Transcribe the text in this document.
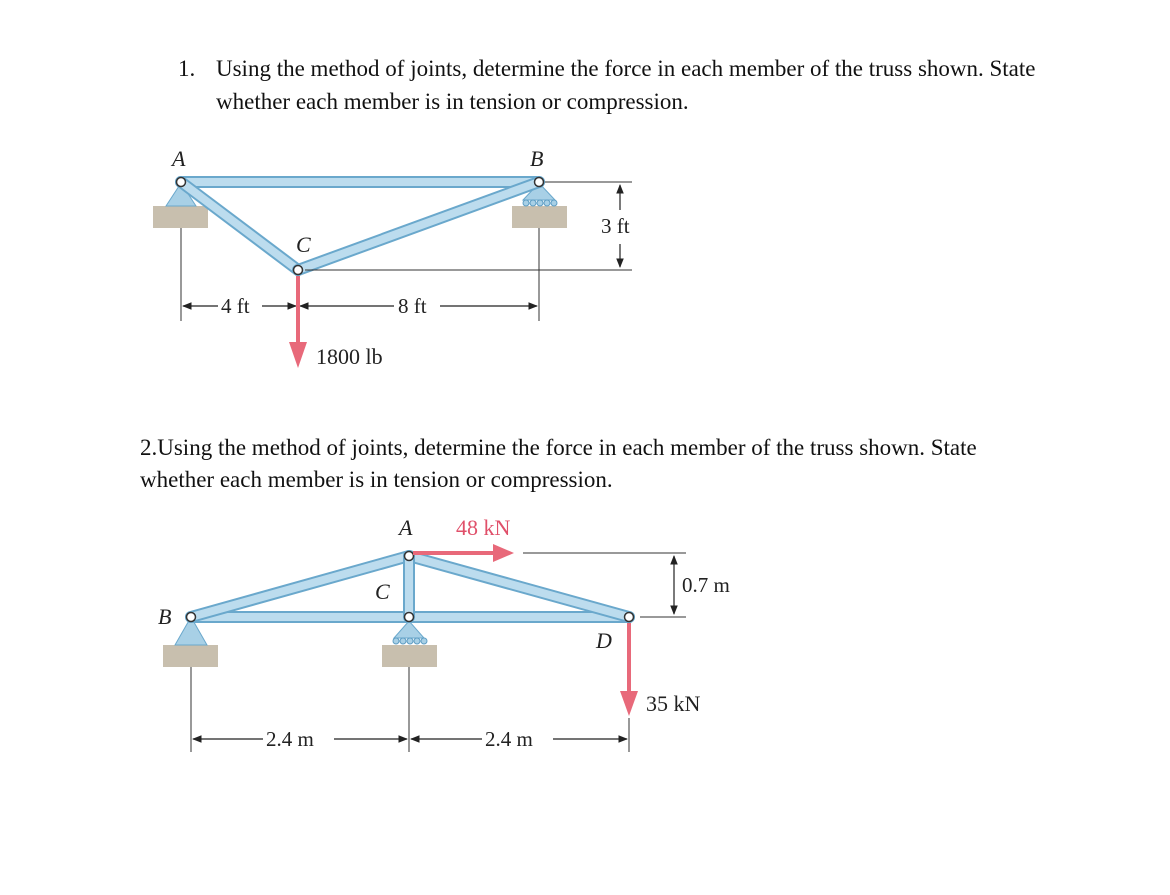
1. Using the method of joints, determine the force in each member of the truss shown. State
whether each member is in tension or compression.
2.Using the method of joints, determine the force in each member of the truss shown. State
whether each member is in tension or compression.
A	B
C
4 ft	8 ft
3 ft
1800 lb
A
B
C
D
48 kN
35 kN
0.7 m
2.4 m	2.4 m
